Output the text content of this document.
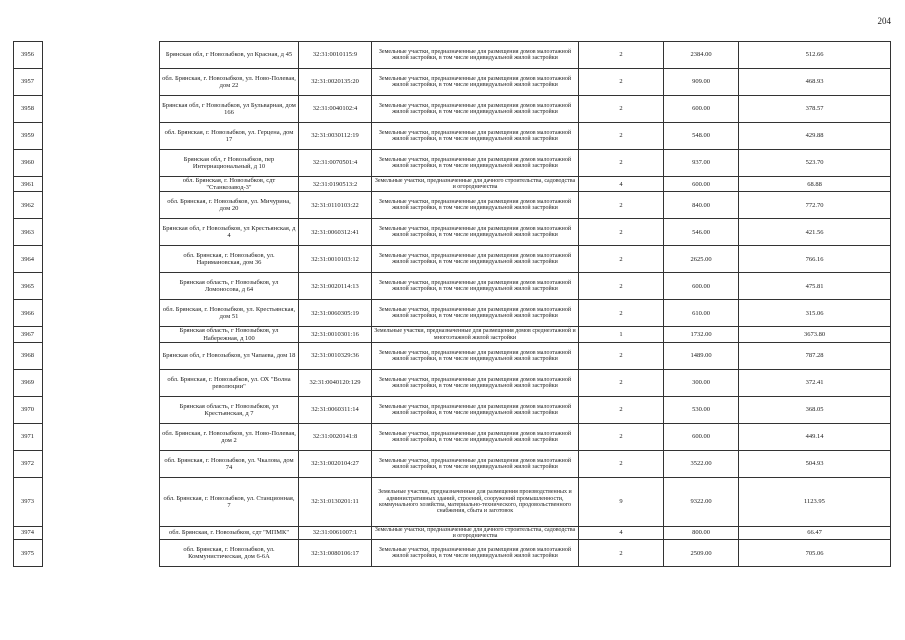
204
3956		Брянская обл, г Новозыбков, ул Красная, д 45	32:31:0010115:9	Земельные участки, предназначенные для размещения домов малоэтажной жилой застройки, в том числе индивидуальной жилой застройки	2	2384.00	512.66	
3957		обл. Брянская, г. Новозыбков, ул. Ново-Полевая, дом 22	32:31:0020135:20	Земельные участки, предназначенные для размещения домов малоэтажной жилой застройки, в том числе индивидуальной жилой застройки	2	909.00	468.93	
3958		Брянская обл, г Новозыбков, ул Бульварная, дом 166	32:31:0040102:4	Земельные участки, предназначенные для размещения домов малоэтажной жилой застройки, в том числе индивидуальной жилой застройки	2	600.00	378.57	
3959		обл. Брянская, г. Новозыбков, ул. Герцена, дом 17	32:31:0030112:19	Земельные участки, предназначенные для размещения домов малоэтажной жилой застройки, в том числе индивидуальной жилой застройки	2	548.00	429.88	
3960		Брянская обл, г Новозыбков, пер Интернациональный, д 10	32:31:0070501:4	Земельные участки, предназначенные для размещения домов малоэтажной жилой застройки, в том числе индивидуальной жилой застройки	2	937.00	523.70	
3961		обл. Брянская, г. Новозыбков, сдт "Станкозавод-3"	32:31:0190513:2	Земельные участки, предназначенные для дачного строительства, садоводства и огородничества	4	600.00	68.88	
3962		обл. Брянская, г. Новозыбков, ул. Мичурина, дом 20	32:31:0110103:22	Земельные участки, предназначенные для размещения домов малоэтажной жилой застройки, в том числе индивидуальной жилой застройки	2	840.00	772.70	
3963		Брянская обл, г Новозыбков, ул Крестьянская, д 4	32:31:0060312:41	Земельные участки, предназначенные для размещения домов малоэтажной жилой застройки, в том числе индивидуальной жилой застройки	2	546.00	421.56	
3964		обл. Брянская, г. Новозыбков, ул. Наримановская, дом 36	32:31:0010103:12	Земельные участки, предназначенные для размещения домов малоэтажной жилой застройки, в том числе индивидуальной жилой застройки	2	2625.00	766.16	
3965		Брянская область, г Новозыбков, ул Ломоносова, д 64	32:31:0020114:13	Земельные участки, предназначенные для размещения домов малоэтажной жилой застройки, в том числе индивидуальной жилой застройки	2	600.00	475.81	
3966		обл. Брянская, г. Новозыбков, ул. Крестьянская, дом 51	32:31:0060305:19	Земельные участки, предназначенные для размещения домов малоэтажной жилой застройки, в том числе индивидуальной жилой застройки	2	610.00	315.06	
3967		Брянская область, г Новозыбков, ул Набережная, д 100	32:31:0010301:16	Земельные участки, предназначенные для размещения домов среднеэтажной и многоэтажной жилой застройки	1	1732.00	3673.80	
3968		Брянская обл, г Новозыбков, ул Чапаева, дом 18	32:31:0010329:36	Земельные участки, предназначенные для размещения домов малоэтажной жилой застройки, в том числе индивидуальной жилой застройки	2	1489.00	787.28	
3969		обл. Брянская, г. Новозыбков, ул. ОХ "Волна революции"	32:31:0040120:129	Земельные участки, предназначенные для размещения домов малоэтажной жилой застройки, в том числе индивидуальной жилой застройки	2	300.00	372.41	
3970		Брянская область, г Новозыбков, ул Крестьянская, д 7	32:31:0060311:14	Земельные участки, предназначенные для размещения домов малоэтажной жилой застройки, в том числе индивидуальной жилой застройки	2	530.00	368.05	
3971		обл. Брянская, г. Новозыбков, ул. Ново-Полевая, дом 2	32:31:0020141:8	Земельные участки, предназначенные для размещения домов малоэтажной жилой застройки, в том числе индивидуальной жилой застройки	2	600.00	449.14	
3972		обл. Брянская, г. Новозыбков, ул. Чкалова, дом 74	32:31:0020104:27	Земельные участки, предназначенные для размещения домов малоэтажной жилой застройки, в том числе индивидуальной жилой застройки	2	3522.00	504.93	
3973		обл. Брянская, г. Новозыбков, ул. Станционная, 7	32:31:0130201:11	Земельные участки, предназначенные для размещения производственных и административных зданий, строений, сооружений промышленности, коммунального хозяйства, материально-технического, продовольственного снабжения, сбыта и заготовок	9	9322.00	1123.95	
3974		обл. Брянская, г. Новозыбков, сдт "МПМК"	32:31:0061007:1	Земельные участки, предназначенные для дачного строительства, садоводства и огородничества	4	800.00	66.47	
3975		обл. Брянская, г. Новозыбков, ул. Коммунистическая, дом 6-6А	32:31:0080106:17	Земельные участки, предназначенные для размещения домов малоэтажной жилой застройки, в том числе индивидуальной жилой застройки	2	2509.00	705.06	
